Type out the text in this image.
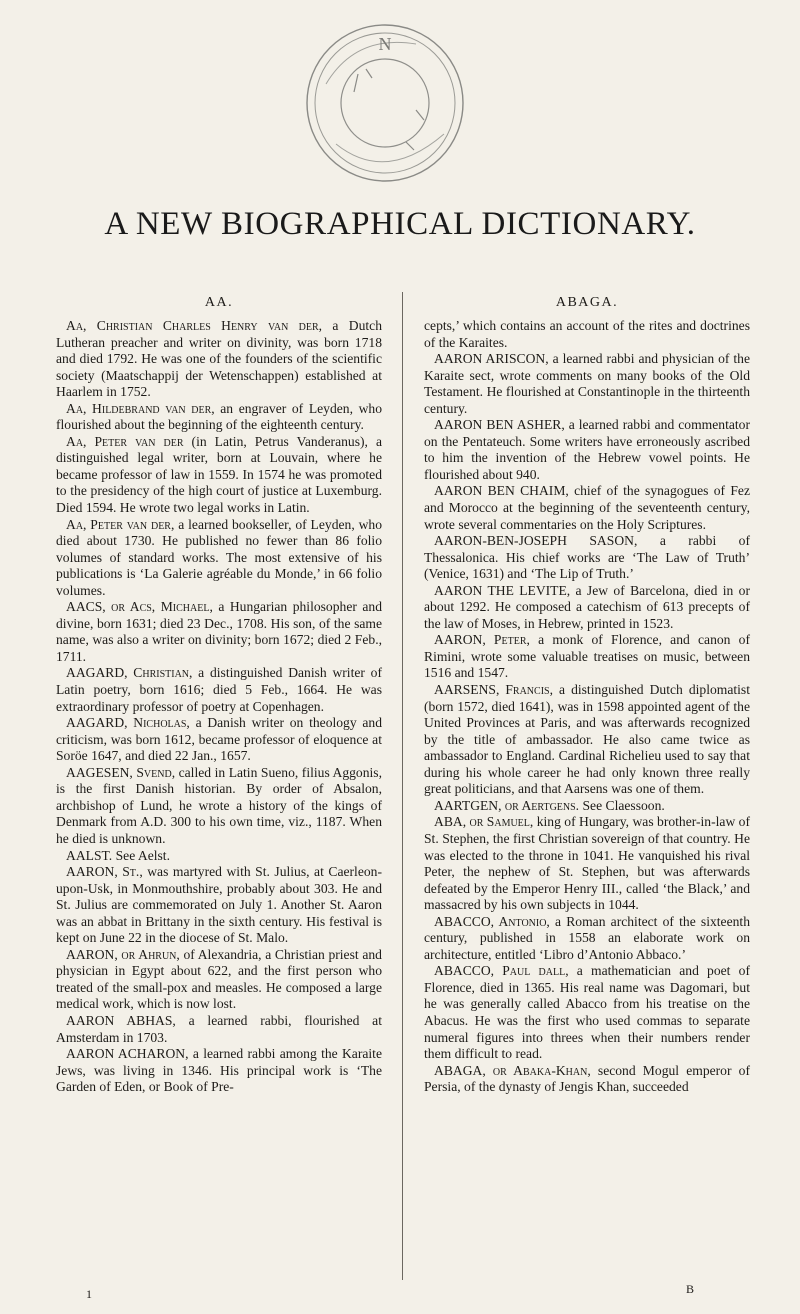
N
A NEW BIOGRAPHICAL DICTIONARY.
AA.

Aa, Christian Charles Henry van der, a Dutch Lutheran preacher and writer on divinity, was born 1718 and died 1792. He was one of the founders of the scientific society (Maatschappij der Wetenschappen) established at Haarlem in 1752.

Aa, Hildebrand van der, an engraver of Leyden, who flourished about the beginning of the eighteenth century.

Aa, Peter van der (in Latin, Petrus Vanderanus), a distinguished legal writer, born at Louvain, where he became professor of law in 1559. In 1574 he was promoted to the presidency of the high court of justice at Luxemburg. Died 1594. He wrote two legal works in Latin.

Aa, Peter van der, a learned bookseller, of Leyden, who died about 1730. He published no fewer than 86 folio volumes of standard works. The most extensive of his publications is ‘La Galerie agréable du Monde,’ in 66 folio volumes.

AACS, or Acs, Michael, a Hungarian philosopher and divine, born 1631; died 23 Dec., 1708. His son, of the same name, was also a writer on divinity; born 1672; died 2 Feb., 1711.

AAGARD, Christian, a distinguished Danish writer of Latin poetry, born 1616; died 5 Feb., 1664. He was extraordinary professor of poetry at Copenhagen.

AAGARD, Nicholas, a Danish writer on theology and criticism, was born 1612, became professor of eloquence at Soröe 1647, and died 22 Jan., 1657.

AAGESEN, Svend, called in Latin Sueno, filius Aggonis, is the first Danish historian. By order of Absalon, archbishop of Lund, he wrote a history of the kings of Denmark from A.D. 300 to his own time, viz., 1187. When he died is unknown.

AALST. See Aelst.

AARON, St., was martyred with St. Julius, at Caerleon-upon-Usk, in Monmouthshire, probably about 303. He and St. Julius are commemorated on July 1. Another St. Aaron was an abbat in Brittany in the sixth century. His festival is kept on June 22 in the diocese of St. Malo.

AARON, or Ahrun, of Alexandria, a Christian priest and physician in Egypt about 622, and the first person who treated of the small-pox and measles. He composed a large medical work, which is now lost.

AARON ABHAS, a learned rabbi, flourished at Amsterdam in 1703.

AARON ACHARON, a learned rabbi among the Karaite Jews, was living in 1346. His principal work is ‘The Garden of Eden, or Book of Pre-

ABAGA.

cepts,’ which contains an account of the rites and doctrines of the Karaites.

AARON ARISCON, a learned rabbi and physician of the Karaite sect, wrote comments on many books of the Old Testament. He flourished at Constantinople in the thirteenth century.

AARON BEN ASHER, a learned rabbi and commentator on the Pentateuch. Some writers have erroneously ascribed to him the invention of the Hebrew vowel points. He flourished about 940.

AARON BEN CHAIM, chief of the synagogues of Fez and Morocco at the beginning of the seventeenth century, wrote several commentaries on the Holy Scriptures.

AARON-BEN-JOSEPH SASON, a rabbi of Thessalonica. His chief works are ‘The Law of Truth’ (Venice, 1631) and ‘The Lip of Truth.’

AARON THE LEVITE, a Jew of Barcelona, died in or about 1292. He composed a catechism of 613 precepts of the law of Moses, in Hebrew, printed in 1523.

AARON, Peter, a monk of Florence, and canon of Rimini, wrote some valuable treatises on music, between 1516 and 1547.

AARSENS, Francis, a distinguished Dutch diplomatist (born 1572, died 1641), was in 1598 appointed agent of the United Provinces at Paris, and was afterwards recognized by the title of ambassador. He also came twice as ambassador to England. Cardinal Richelieu used to say that during his whole career he had only known three really great politicians, and that Aarsens was one of them.

AARTGEN, or Aertgens. See Claessoon.

ABA, or Samuel, king of Hungary, was brother-in-law of St. Stephen, the first Christian sovereign of that country. He was elected to the throne in 1041. He vanquished his rival Peter, the nephew of St. Stephen, but was afterwards defeated by the Emperor Henry III., called ‘the Black,’ and massacred by his own subjects in 1044.

ABACCO, Antonio, a Roman architect of the sixteenth century, published in 1558 an elaborate work on architecture, entitled ‘Libro d’Antonio Abbaco.’

ABACCO, Paul dall, a mathematician and poet of Florence, died in 1365. His real name was Dagomari, but he was generally called Abacco from his treatise on the Abacus. He was the first who used commas to separate numeral figures into threes when their numbers render them difficult to read.

ABAGA, or Abaka-Khan, second Mogul emperor of Persia, of the dynasty of Jengis Khan, succeeded

1	B
